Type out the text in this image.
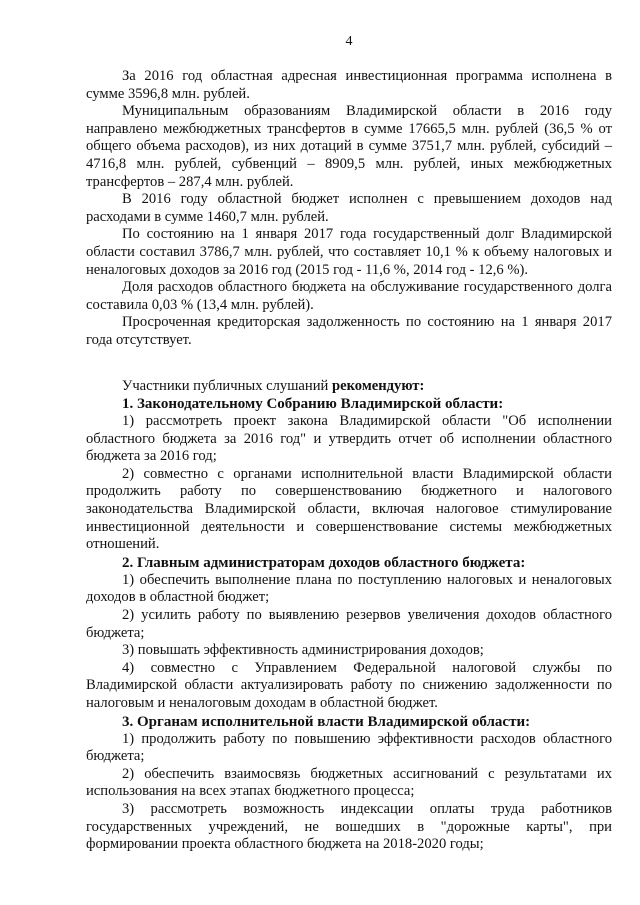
4

За 2016 год областная адресная инвестиционная программа исполнена в сумме 3596,8 млн. рублей.

Муниципальным образованиям Владимирской области в 2016 году направлено межбюджетных трансфертов в сумме 17665,5 млн. рублей (36,5 % от общего объема расходов), из них дотаций в сумме 3751,7 млн. рублей, субсидий – 4716,8 млн. рублей, субвенций – 8909,5 млн. рублей, иных межбюджетных трансфертов – 287,4 млн. рублей.

В 2016 году областной бюджет исполнен с превышением доходов над расходами в сумме 1460,7 млн. рублей.

По состоянию на 1 января 2017 года государственный долг Владимирской области составил 3786,7 млн. рублей, что составляет 10,1 % к объему налоговых и неналоговых доходов за 2016 год (2015 год - 11,6 %, 2014 год - 12,6 %).

Доля расходов областного бюджета на обслуживание государственного долга составила 0,03 % (13,4 млн. рублей).

Просроченная кредиторская задолженность по состоянию на 1 января 2017 года отсутствует.

Участники публичных слушаний рекомендуют:

1. Законодательному Собранию Владимирской области:

1) рассмотреть проект закона Владимирской области "Об исполнении областного бюджета за 2016 год" и утвердить отчет об исполнении областного бюджета за 2016 год;

2) совместно с органами исполнительной власти Владимирской области продолжить работу по совершенствованию бюджетного и налогового законодательства Владимирской области, включая налоговое стимулирование инвестиционной деятельности и совершенствование системы межбюджетных отношений.

2. Главным администраторам доходов областного бюджета:

1) обеспечить выполнение плана по поступлению налоговых и неналоговых доходов в областной бюджет;

2) усилить работу по выявлению резервов увеличения доходов областного бюджета;

3) повышать эффективность администрирования доходов;

4) совместно с Управлением Федеральной налоговой службы по Владимирской области актуализировать работу по снижению задолженности по налоговым и неналоговым доходам в областной бюджет.

3. Органам исполнительной власти Владимирской области:

1) продолжить работу по повышению эффективности расходов областного бюджета;

2) обеспечить взаимосвязь бюджетных ассигнований с результатами их использования на всех этапах бюджетного процесса;

3) рассмотреть возможность индексации оплаты труда работников государственных учреждений, не вошедших в "дорожные карты", при формировании проекта областного бюджета на 2018-2020 годы;
